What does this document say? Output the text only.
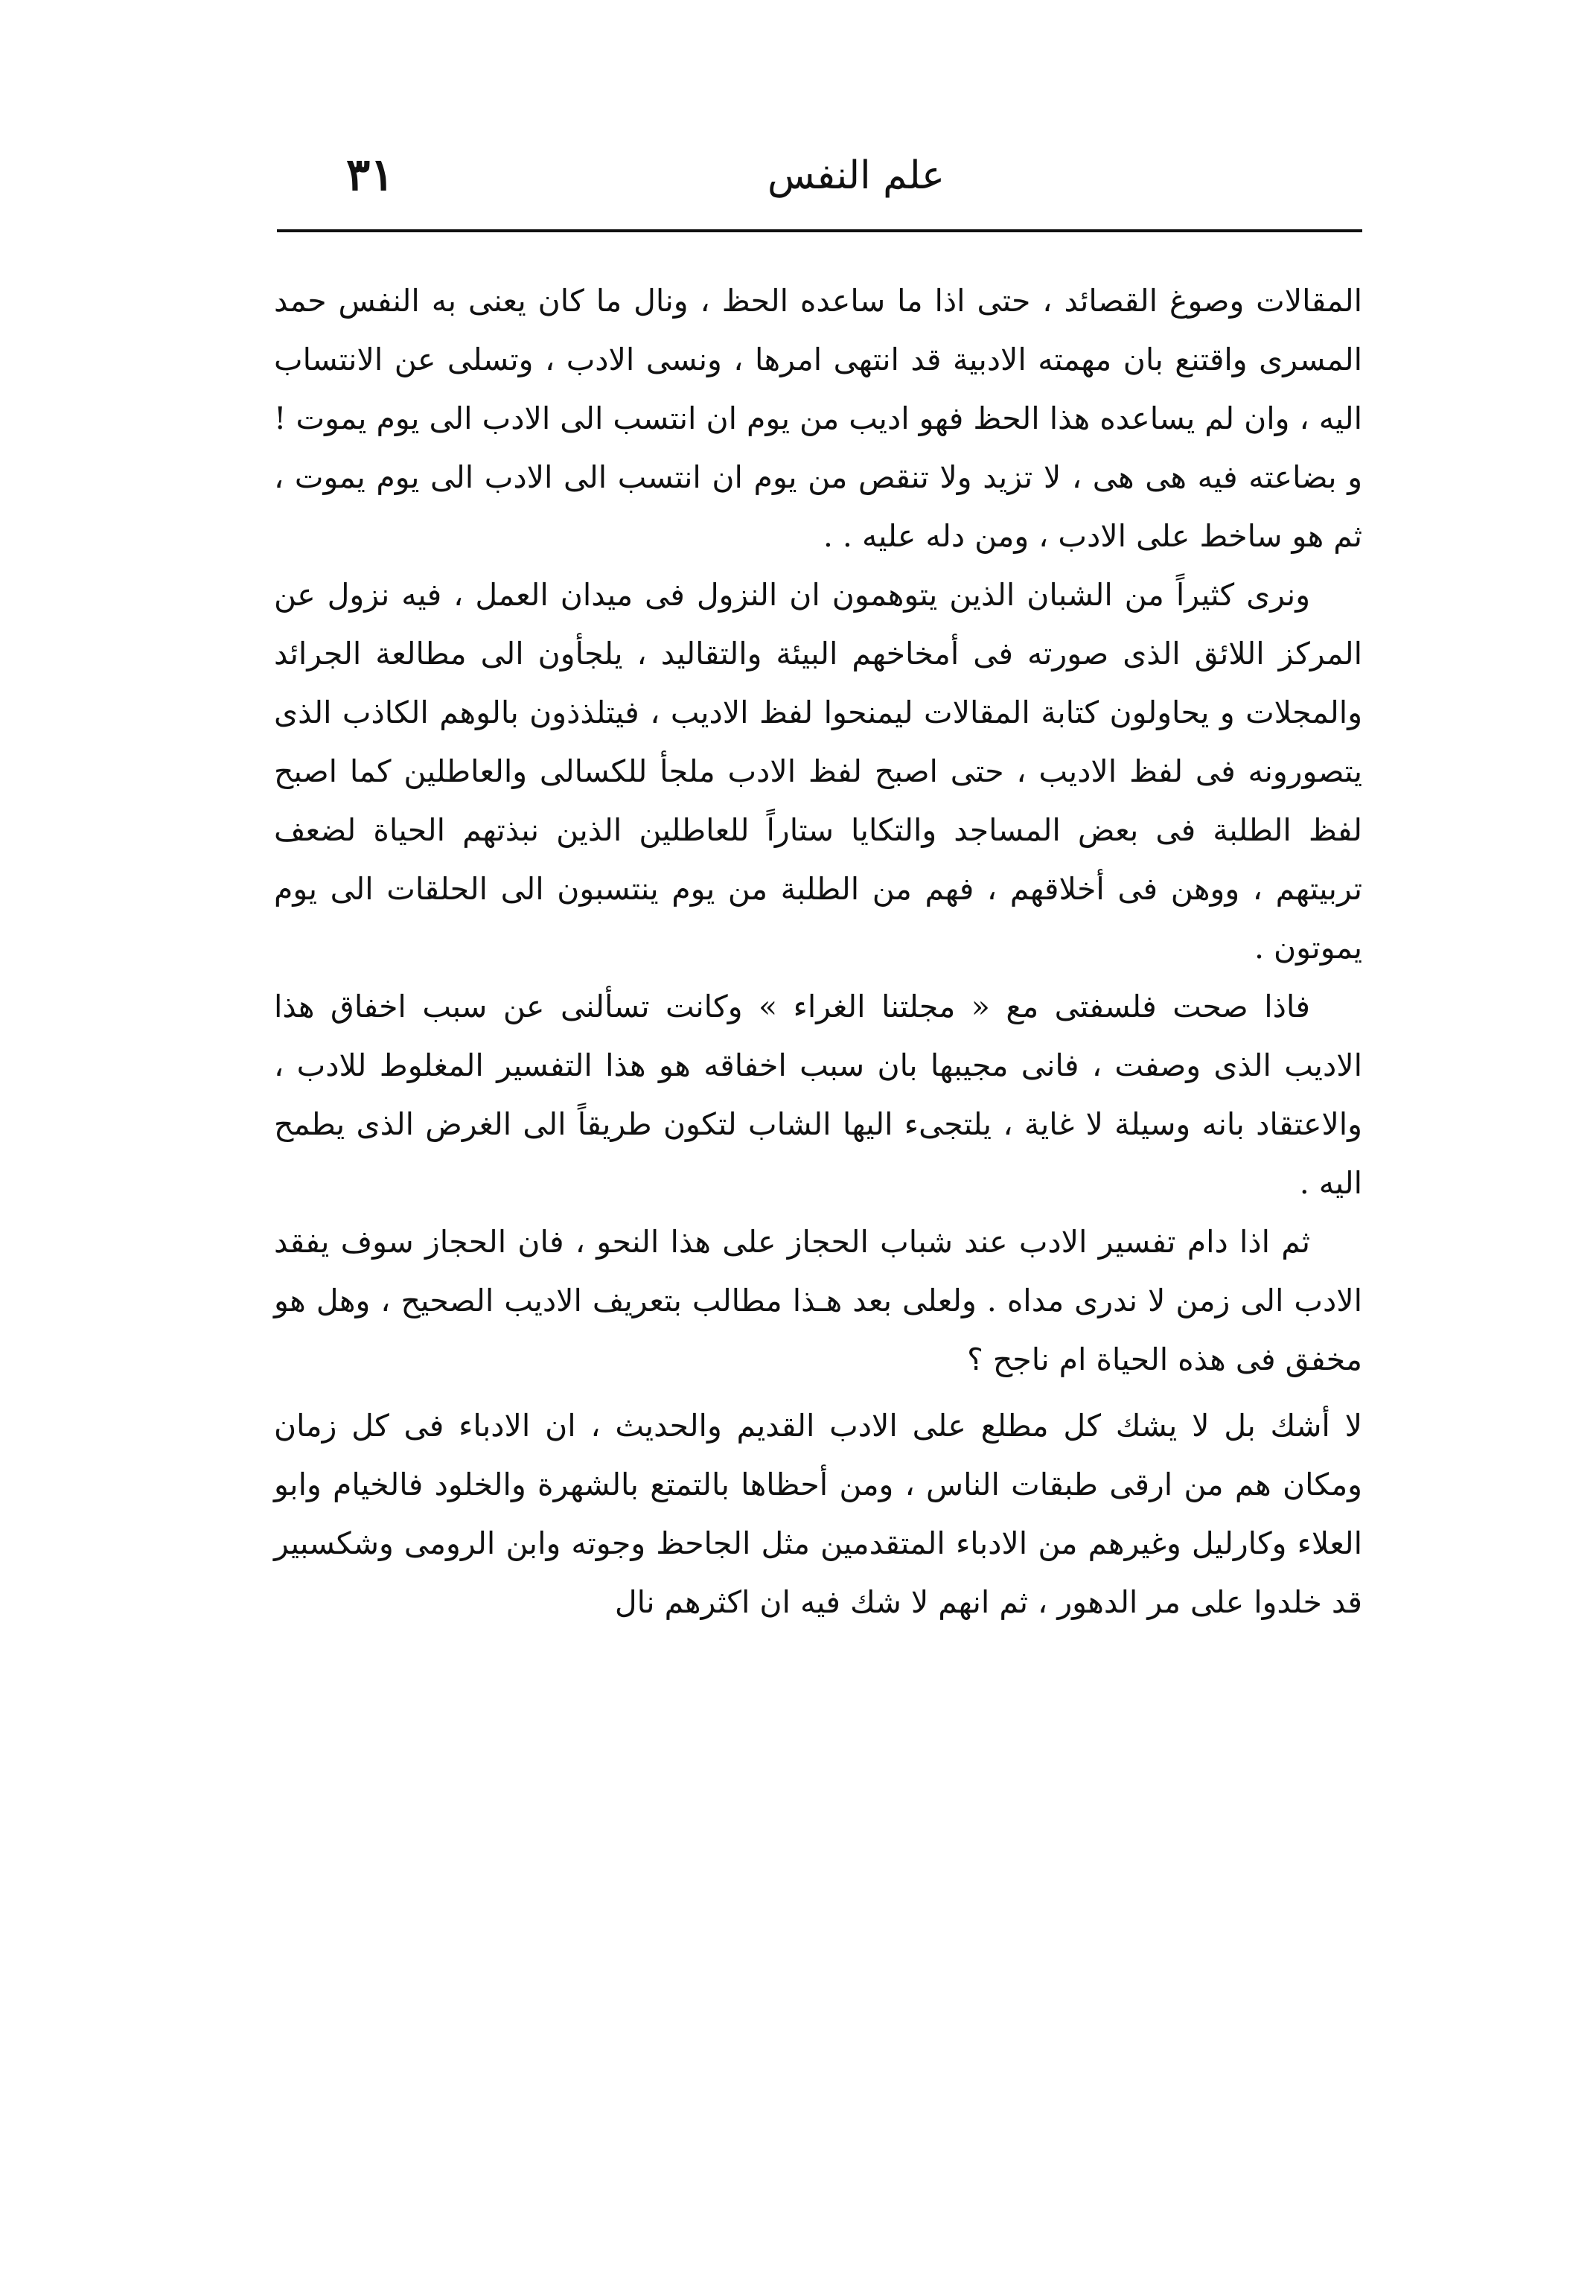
٣١	علم النفس

المقالات وصوغ القصائد ، حتى اذا ما ساعده الحظ ، ونال ما كان يعنى به النفس حمد المسرى واقتنع بان مهمته الادبية قد انتهى امرها ، ونسى الادب ، وتسلى عن الانتساب اليه ، وان لم يساعده هذا الحظ فهو اديب من يوم ان انتسب الى الادب الى يوم يموت ! و بضاعته فيه هى هى ، لا تزيد ولا تنقص من يوم ان انتسب الى الادب الى يوم يموت ، ثم هو ساخط على الادب ، ومن دله عليه . .

ونرى كثيراً من الشبان الذين يتوهمون ان النزول فى ميدان العمل ، فيه نزول عن المركز اللائق الذى صورته فى أمخاخهم البيئة والتقاليد ، يلجأون الى مطالعة الجرائد والمجلات و يحاولون كتابة المقالات ليمنحوا لفظ الاديب ، فيتلذذون بالوهم الكاذب الذى يتصورونه فى لفظ الاديب ، حتى اصبح لفظ الادب ملجأ للكسالى والعاطلين كما اصبح لفظ الطلبة فى بعض المساجد والتكايا ستاراً للعاطلين الذين نبذتهم الحياة لضعف تربيتهم ، ووهن فى أخلاقهم ، فهم من الطلبة من يوم ينتسبون الى الحلقات الى يوم يموتون .

فاذا صحت فلسفتى مع « مجلتنا الغراء » وكانت تسألنى عن سبب اخفاق هذا الاديب الذى وصفت ، فانى مجيبها بان سبب اخفاقه هو هذا التفسير المغلوط للادب ، والاعتقاد بانه وسيلة لا غاية ، يلتجىء اليها الشاب لتكون طريقاً الى الغرض الذى يطمح اليه .

ثم اذا دام تفسير الادب عند شباب الحجاز على هذا النحو ، فان الحجاز سوف يفقد الادب الى زمن لا ندرى مداه . ولعلى بعد هـذا مطالب بتعريف الاديب الصحيح ، وهل هو مخفق فى هذه الحياة ام ناجح ؟

لا أشك بل لا يشك كل مطلع على الادب القديم والحديث ، ان الادباء فى كل زمان ومكان هم من ارقى طبقات الناس ، ومن أحظاها بالتمتع بالشهرة والخلود فالخيام وابو العلاء وكارليل وغيرهم من الادباء المتقدمين مثل الجاحظ وجوته وابن الرومى وشكسبير قد خلدوا على مر الدهور ، ثم انهم لا شك فيه ان اكثرهم نال
